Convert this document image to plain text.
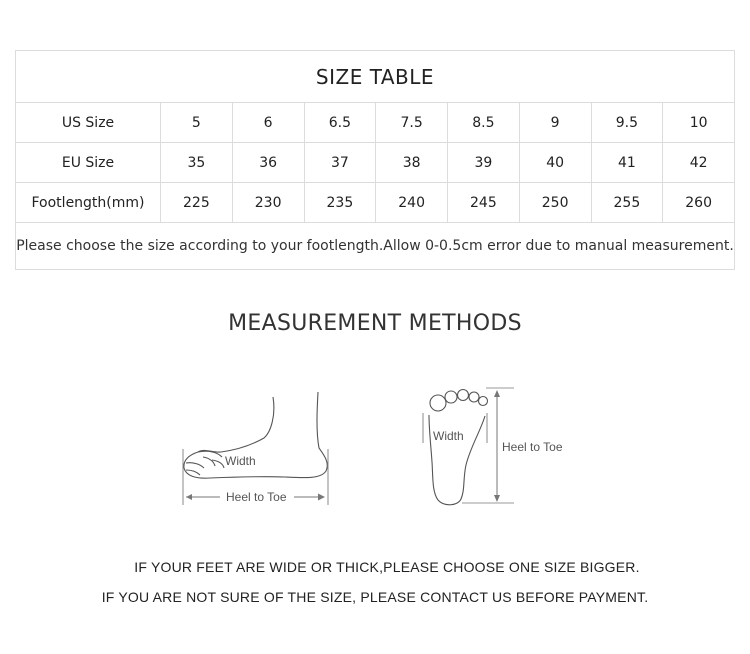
SIZE TABLE								
US Size	5	6	6.5	7.5	8.5	9	9.5	10
EU Size	35	36	37	38	39	40	41	42
Footlength(mm)	225	230	235	240	245	250	255	260
Please choose the size according to your footlength.Allow 0-0.5cm error due to manual measurement.								
MEASUREMENT METHODS
Heel to Toe
Width
Width
Heel to Toe
IF YOUR FEET ARE WIDE OR THICK,PLEASE CHOOSE ONE SIZE BIGGER.
IF YOU ARE NOT SURE OF THE SIZE, PLEASE CONTACT US BEFORE PAYMENT.
